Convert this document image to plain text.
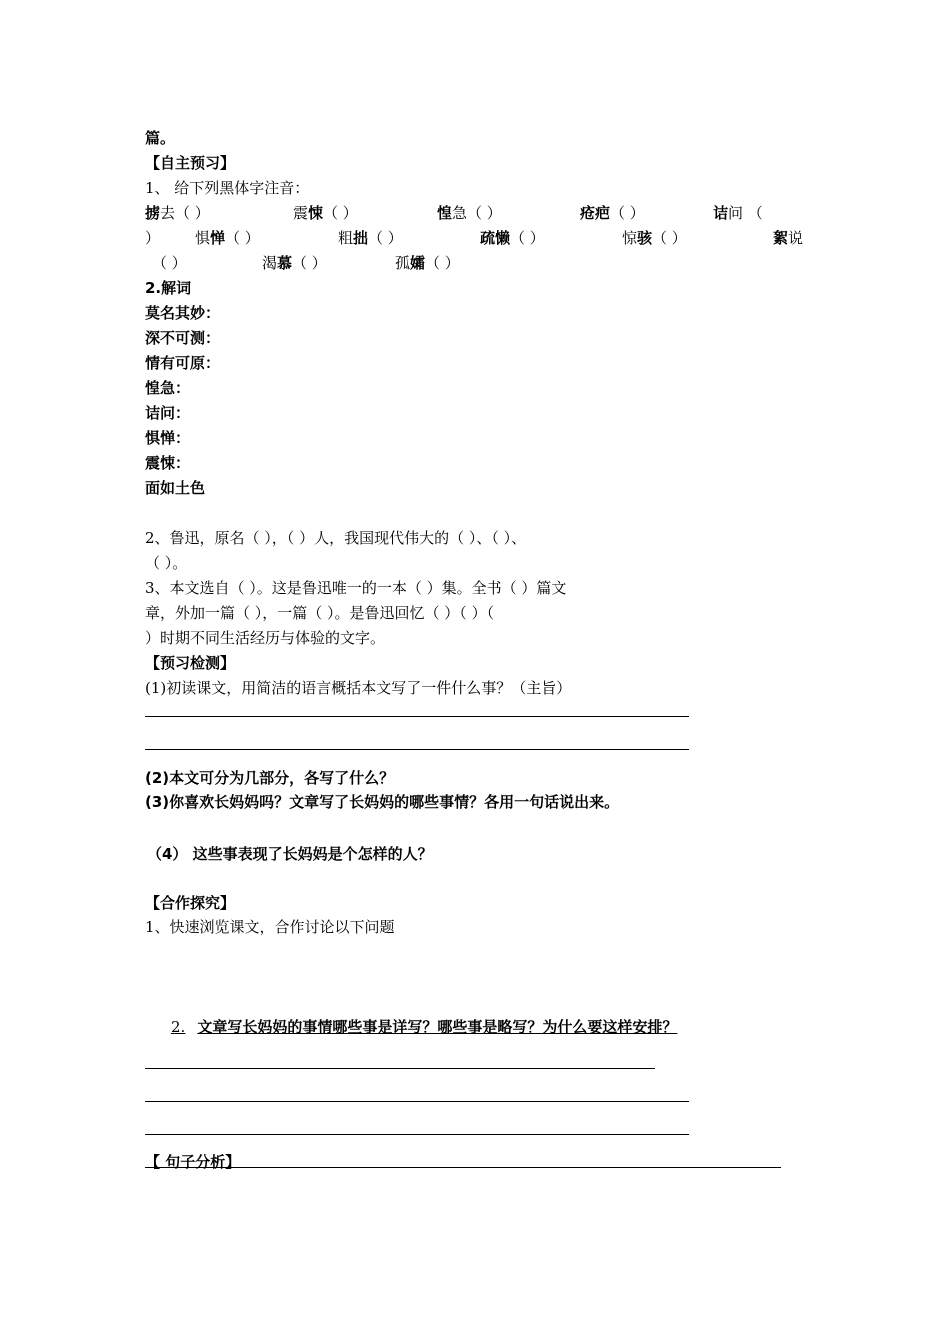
篇。
【自主预习】
1、 给下列黑体字注音：
掳去（ ）	震悚（ ）	惶急（ ）	疮疤（ ）	诘问 （
） 惧惮（ ）	粗拙（ ）	疏懒（ ）	惊骇（ ）	絮说
（ ）	渴慕（ ）	孤孀（ ）
2.解词
莫名其妙：
深不可测：
情有可原：
惶急：
诘问：
惧惮：
震悚：
面如土色
2、鲁迅，原名（ ），（ ）人，我国现代伟大的（ ）、（ ）、
（ ）。
3、本文选自（ ）。这是鲁迅唯一的一本（ ）集。全书（ ）篇文
章，外加一篇（ ），一篇（ ）。是鲁迅回忆（ ）（ ）（
）时期不同生活经历与体验的文字。
【预习检测】
(1)初读课文，用简洁的语言概括本文写了一件什么事？（主旨）
(2)本文可分为几部分，各写了什么？
(3)你喜欢长妈妈吗？文章写了长妈妈的哪些事情？各用一句话说出来。
（4） 这些事表现了长妈妈是个怎样的人？
【合作探究】
1、快速浏览课文，合作讨论以下问题
2. 文章写长妈妈的事情哪些事是详写？哪些事是略写？为什么要这样安排？
【 句子分析】
